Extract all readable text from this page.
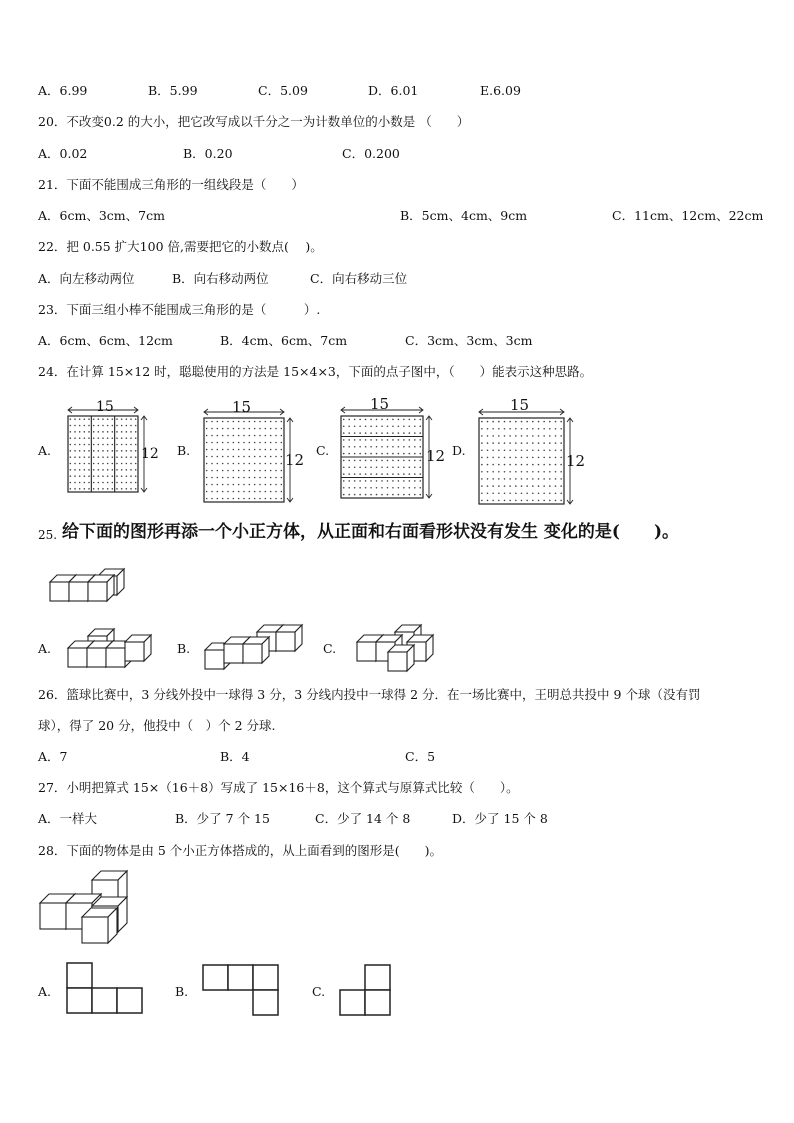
A．6.99	B．5.99	C．5.09	D．6.01	E.6.09
20．不改变0.2 的大小，把它改写成以千分之一为计数单位的小数是 （　　）
A．0.02	B．0.20	C．0.200
21．下面不能围成三角形的一组线段是（　　）
A．6cm、3cm、7cm	B．5cm、4cm、9cm	C．11cm、12cm、22cm
22．把 0.55 扩大100 倍,需要把它的小数点(　 )。
A．向左移动两位	B．向右移动两位	C．向右移动三位
23．下面三组小棒不能围成三角形的是（　　　）.
A．6cm、6cm、12cm	B．4cm、6cm、7cm	C．3cm、3cm、3cm
24．在计算 15×12 时，聪聪使用的方法是 15×4×3，下面的点子图中，（　　）能表示这种思路。
A.	B.	C.	D.
15
12
15
12
15
12
15
12
25. 给下面的图形再添一个小正方体，从正面和右面看形状没有发生 变化的是(　　)。
A.	B.	C.
26．篮球比赛中，3 分线外投中一球得 3 分，3 分线内投中一球得 2 分．在一场比赛中，王明总共投中 9 个球（没有罚
球），得了 20 分，他投中（　）个 2 分球.
A．7	B．4	C．5
27．小明把算式 15×（16＋8）写成了 15×16＋8，这个算式与原算式比较（　　）。
A．一样大	B．少了 7 个 15	C．少了 14 个 8	D．少了 15 个 8
28．下面的物体是由 5 个小正方体搭成的，从上面看到的图形是(　　)。
A.	B.	C.
